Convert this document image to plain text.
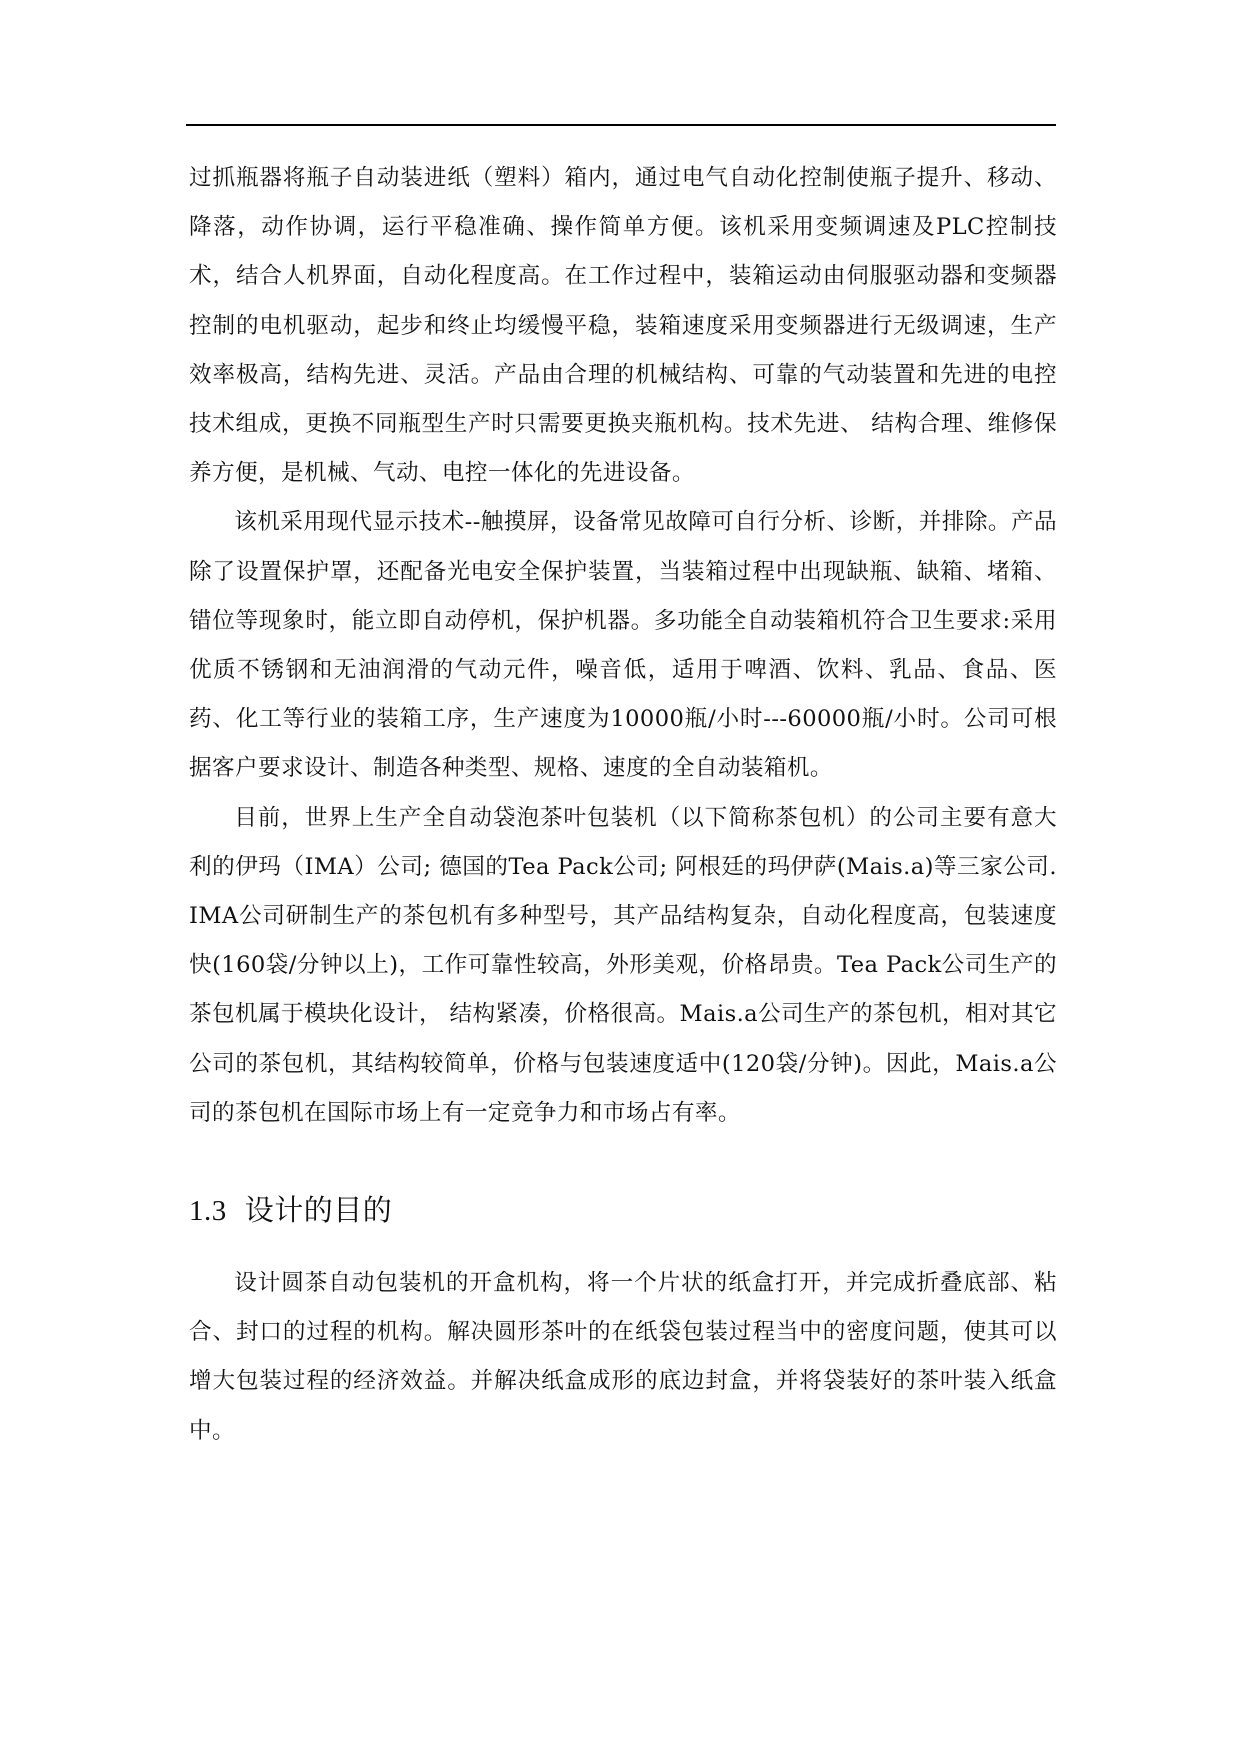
过抓瓶器将瓶子自动装进纸（塑料）箱内，通过电气自动化控制使瓶子提升、移动、降落，动作协调，运行平稳准确、操作简单方便。该机采用变频调速及PLC控制技术，结合人机界面，自动化程度高。在工作过程中，装箱运动由伺服驱动器和变频器控制的电机驱动，起步和终止均缓慢平稳，装箱速度采用变频器进行无级调速，生产效率极高，结构先进、灵活。产品由合理的机械结构、可靠的气动装置和先进的电控技术组成，更换不同瓶型生产时只需要更换夹瓶机构。技术先进、 结构合理、维修保养方便，是机械、气动、电控一体化的先进设备。

该机采用现代显示技术--触摸屏，设备常见故障可自行分析、诊断，并排除。产品除了设置保护罩，还配备光电安全保护装置，当装箱过程中出现缺瓶、缺箱、堵箱、错位等现象时，能立即自动停机，保护机器。多功能全自动装箱机符合卫生要求:采用优质不锈钢和无油润滑的气动元件，噪音低，适用于啤酒、饮料、乳品、食品、医药、化工等行业的装箱工序，生产速度为10000瓶/小时---60000瓶/小时。公司可根据客户要求设计、制造各种类型、规格、速度的全自动装箱机。

目前，世界上生产全自动袋泡茶叶包装机（以下简称茶包机）的公司主要有意大利的伊玛（IMA）公司; 德国的Tea Pack公司; 阿根廷的玛伊萨(Mais.a)等三家公司.IMA公司研制生产的茶包机有多种型号，其产品结构复杂，自动化程度高，包装速度快(160袋/分钟以上)，工作可靠性较高，外形美观，价格昂贵。Tea Pack公司生产的茶包机属于模块化设计， 结构紧凑，价格很高。Mais.a公司生产的茶包机，相对其它公司的茶包机，其结构较简单，价格与包装速度适中(120袋/分钟)。因此，Mais.a公司的茶包机在国际市场上有一定竞争力和市场占有率。

1.3 设计的目的

设计圆茶自动包装机的开盒机构，将一个片状的纸盒打开，并完成折叠底部、粘合、封口的过程的机构。解决圆形茶叶的在纸袋包装过程当中的密度问题，使其可以增大包装过程的经济效益。并解决纸盒成形的底边封盒，并将袋装好的茶叶装入纸盒中。
